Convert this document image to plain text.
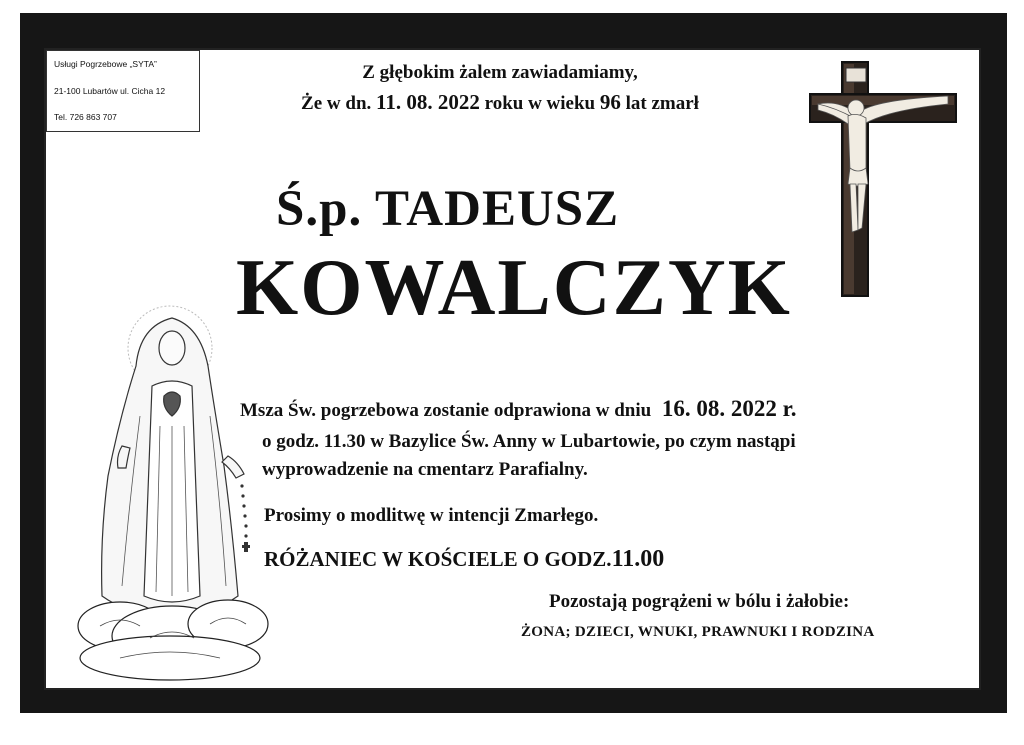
Usługi Pogrzebowe „SYTA”
21-100 Lubartów ul. Cicha 12
Tel. 726 863 707
Z głębokim żalem zawiadamiamy,
Że w dn. 11. 08. 2022 roku w wieku 96 lat zmarł
Ś.p. TADEUSZ
KOWALCZYK
Msza Św. pogrzebowa zostanie odprawiona w dniu 16. 08. 2022 r.
o godz. 11.30 w Bazylice Św. Anny w Lubartowie, po czym nastąpi
wyprowadzenie na cmentarz Parafialny.
Prosimy o modlitwę w intencji Zmarłego.
RÓŻANIEC W KOŚCIELE O GODZ.11.00
Pozostają pogrążeni w bólu i żałobie:
ŻONA; DZIECI, WNUKI, PRAWNUKI I RODZINA
